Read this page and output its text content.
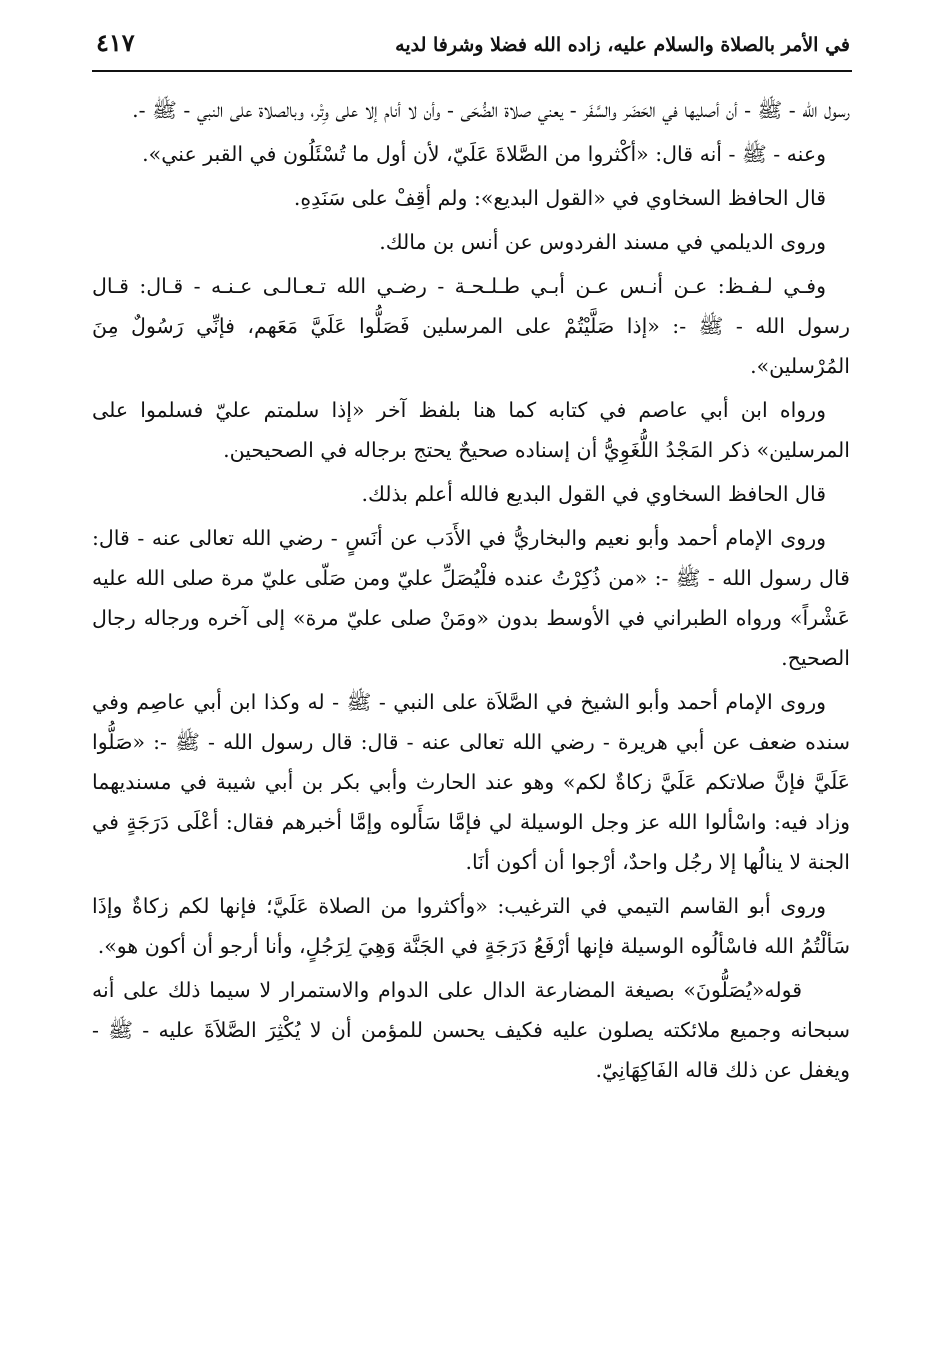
في الأمر بالصلاة والسلام عليه، زاده الله فضلا وشرفا لديه
٤١٧

رسول الله - ﷺ - أن أصليها في الحَضَر والسَّفَر - يعني صلاة الضُّحَى - وأن لا أنام إلا على وِتْر، وبالصلاة على النبي - ﷺ -.

وعنه - ﷺ - أنه قال: «أكْثروا من الصَّلاةَ عَلَيّ، لأن أول ما تُسْئَلُون في القبر عني».

قال الحافظ السخاوي في «القول البديع»: ولم أقِفْ على سَنَدِهِ.

وروى الديلمي في مسند الفردوس عن أنس بن مالك.

وفـي لـفـظ: عـن أنـس عـن أبـي طـلـحـة - رضـي الله تـعـالـى عـنـه - قـال: قـال رسول الله - ﷺ -: «إذا صَلَّيْتُمْ على المرسلين فَصَلُّوا عَلَيَّ مَعَهم، فإنِّي رَسُولٌ مِنَ المُرْسلين».

ورواه ابن أبي عاصم في كتابه كما هنا بلفظ آخر «إذا سلمتم عليّ فسلموا على المرسلين» ذكر المَجْدُ اللُّغَوِيُّ أن إسناده صحيحٌ يحتج برجاله في الصحيحين.

قال الحافظ السخاوي في القول البديع فالله أعلم بذلك.

وروى الإمام أحمد وأبو نعيم والبخاريُّ في الأَدَب عن أنَسٍ - رضي الله تعالى عنه - قال: قال رسول الله - ﷺ -: «من ذُكِرْتُ عنده فلْيُصَلِّ عليّ ومن صَلّى عليّ مرة صلى الله عليه عَشْراً» ورواه الطبراني في الأوسط بدون «ومَنْ صلى عليّ مرة» إلى آخره ورجاله رجال الصحيح.

وروى الإمام أحمد وأبو الشيخ في الصَّلاَة على النبي - ﷺ - له وكذا ابن أبي عاصِم وفي سنده ضعف عن أبي هريرة - رضي الله تعالى عنه - قال: قال رسول الله - ﷺ -: «صَلُّوا عَلَيَّ فإنَّ صلاتكم عَلَيَّ زكاةٌ لكم» وهو عند الحارث وأبي بكر بن أبي شيبة في مسنديهما وزاد فيه: واسْألوا الله عز وجل الوسيلة لي فإمَّا سَأَلوه وإمَّا أخبرهم فقال: أعْلَى دَرَجَةٍ في الجنة لا ينالُها إلا رجُل واحدٌ، أرْجوا أن أكون أنَا.

وروى أبو القاسم التيمي في الترغيب: «وأكثروا من الصلاة عَلَيَّ؛ فإنها لكم زكاةٌ وإذَا سَألْتُمُ الله فاسْألُوه الوسيلة فإنها أرْفَعُ دَرَجَةٍ في الجَنَّة وَهِيَ لِرَجُلٍ، وأنا أرجو أن أكون هو».

قوله«يُصَلُّونَ» بصيغة المضارعة الدال على الدوام والاستمرار لا سيما ذلك على أنه سبحانه وجميع ملائكته يصلون عليه فكيف يحسن للمؤمن أن لا يُكْثِرَ الصَّلاَةَ عليه - ﷺ - ويغفل عن ذلك قاله الفَاكِهَانِيّ.
